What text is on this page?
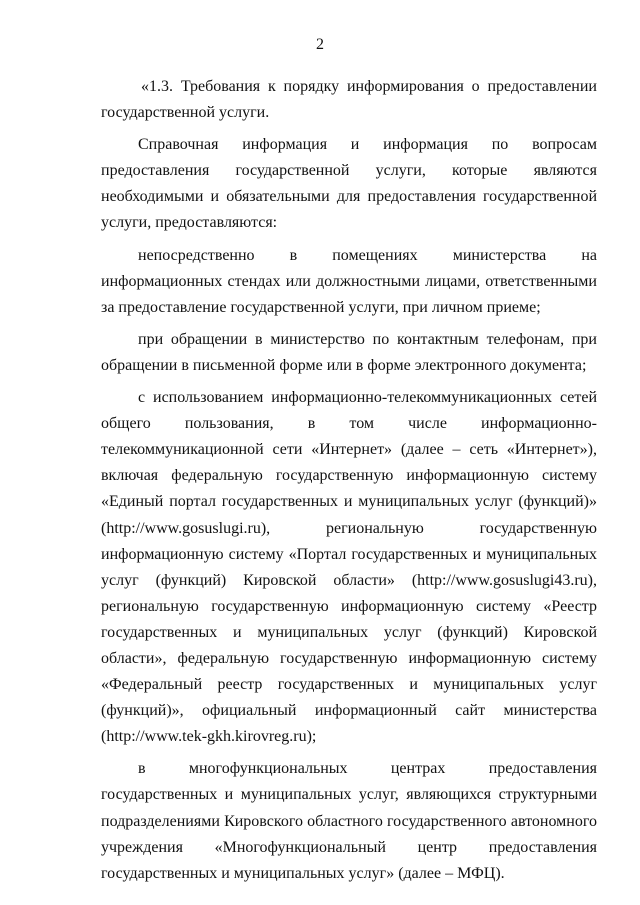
2

«1.3. Требования к порядку информирования о предоставлении государственной услуги.

Справочная информация и информация по вопросам предоставления государственной услуги, которые являются необходимыми и обязательными для предоставления государственной услуги, предоставляются:

непосредственно в помещениях министерства на информационных стендах или должностными лицами, ответственными за предоставление государственной услуги, при личном приеме;

при обращении в министерство по контактным телефонам, при обращении в письменной форме или в форме электронного документа;

с использованием информационно-телекоммуникационных сетей общего пользования, в том числе информационно-телекоммуникационной сети «Интернет» (далее – сеть «Интернет»), включая федеральную государственную информационную систему «Единый портал государственных и муниципальных услуг (функций)» (http://www.gosuslugi.ru), региональную государственную информационную систему «Портал государственных и муниципальных услуг (функций) Кировской области» (http://www.gosuslugi43.ru), региональную государственную информационную систему «Реестр государственных и муниципальных услуг (функций) Кировской области», федеральную государственную информационную систему «Федеральный реестр государственных и муниципальных услуг (функций)», официальный информационный сайт министерства (http://www.tek-gkh.kirovreg.ru);

в многофункциональных центрах предоставления государственных и муниципальных услуг, являющихся структурными подразделениями Кировского областного государственного автономного учреждения «Многофункциональный центр предоставления государственных и муниципальных услуг» (далее – МФЦ).
